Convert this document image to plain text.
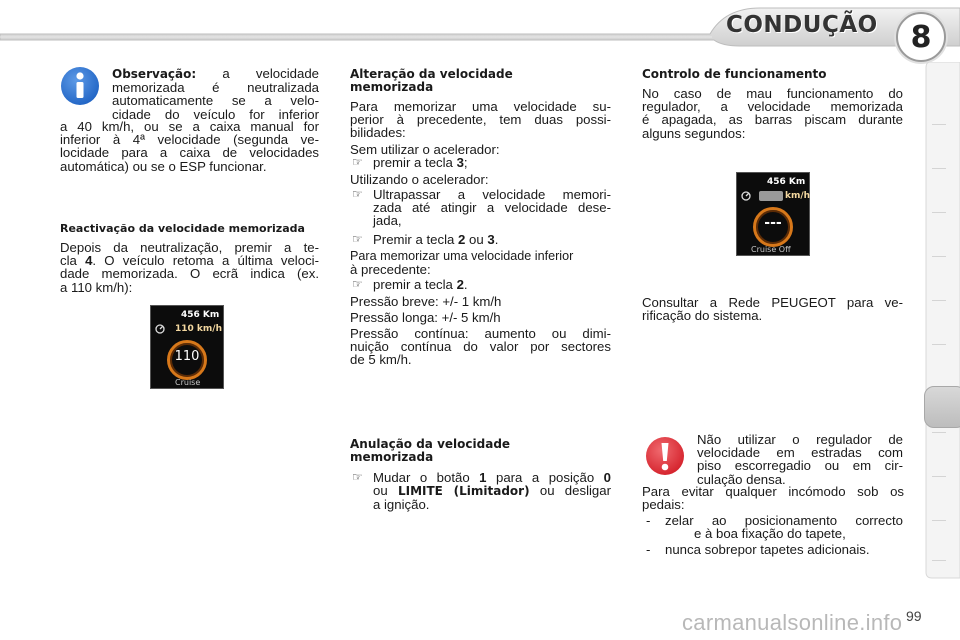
CONDUÇÃO 8

Observação: a velocidade

memorizada é neutralizada

automaticamente se a velo-

cidade do veículo for inferior

a 40 km/h, ou se a caixa manual for

inferior à 4ª velocidade (segunda ve-

locidade para a caixa de velocidades

automática) ou se o ESP funcionar.

Reactivação da velocidade memorizada

Depois da neutralização, premir a te-

cla 4. O veículo retoma a última veloci-

dade memorizada. O ecrã indica (ex.

a 110 km/h):

456 Km
110 km/h
110
Cruise

Alteração da velocidade

memorizada

Para memorizar uma velocidade su-

perior à precedente, tem duas possi-

bilidades:

Sem utilizar o acelerador:

☞ premir a tecla 3;

Utilizando o acelerador:

☞ Ultrapassar a velocidade memori-

zada até atingir a velocidade dese-

jada,

☞ Premir a tecla 2 ou 3.

Para memorizar uma velocidade inferior

à precedente:

☞ premir a tecla 2.

Pressão breve: +/- 1 km/h

Pressão longa: +/- 5 km/h

Pressão contínua: aumento ou dimi-

nuição contínua do valor por sectores

de 5 km/h.

Anulação da velocidade

memorizada

☞ Mudar o botão 1 para a posição 0

ou LIMITE (Limitador) ou desligar

a ignição.

Controlo de funcionamento

No caso de mau funcionamento do

regulador, a velocidade memorizada

é apagada, as barras piscam durante

alguns segundos:

456 Km
km/h
---
Cruise Off

Consultar a Rede PEUGEOT para ve-

rificação do sistema.

Não utilizar o regulador de

velocidade em estradas com

piso escorregadio ou em cir-

culação densa.

Para evitar qualquer incómodo sob os

pedais:

- zelar ao posicionamento correcto

e à boa fixação do tapete,

- nunca sobrepor tapetes adicionais.

carmanualsonline.info 99
